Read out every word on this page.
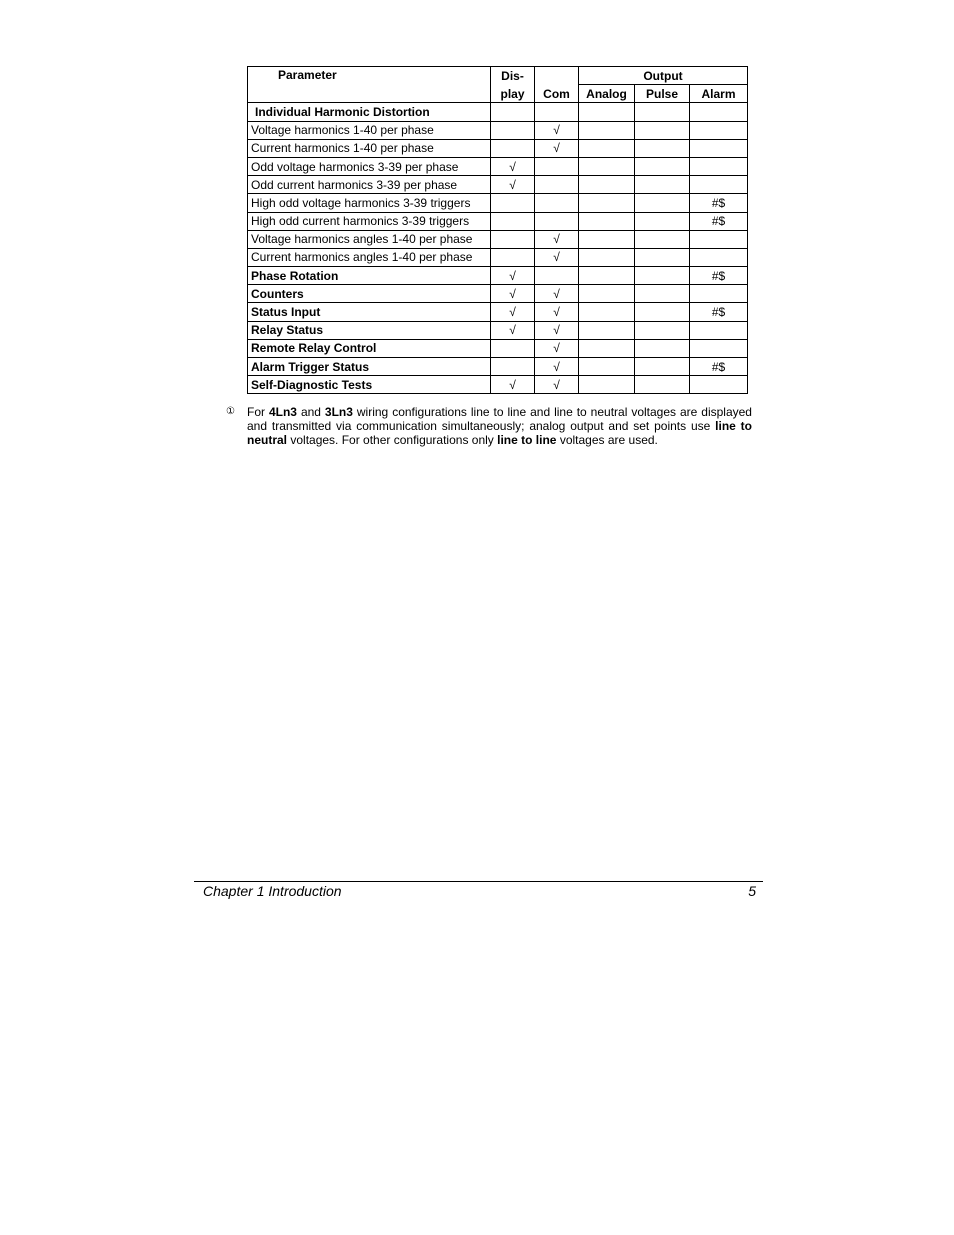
Parameter	Dis-		Output		
	play	Com	Analog	Pulse	Alarm
Individual Harmonic Distortion					
Voltage harmonics 1-40 per phase		√			
Current harmonics 1-40 per phase		√			
Odd voltage harmonics 3-39 per phase	√				
Odd current harmonics 3-39 per phase	√				
High odd voltage harmonics 3-39 triggers					#$
High odd current harmonics 3-39 triggers					#$
Voltage harmonics angles 1-40 per phase		√			
Current harmonics angles 1-40 per phase		√			
Phase Rotation	√				#$
Counters	√	√			
Status Input	√	√			#$
Relay Status	√	√			
Remote Relay Control		√			
Alarm Trigger Status		√			#$
Self-Diagnostic Tests	√	√			
① For 4Ln3 and 3Ln3 wiring configurations line to line and line to neutral voltages are displayed and transmitted via communication simultaneously; analog output and set points use line to neutral voltages. For other configurations only line to line voltages are used.
Chapter 1 Introduction	5
